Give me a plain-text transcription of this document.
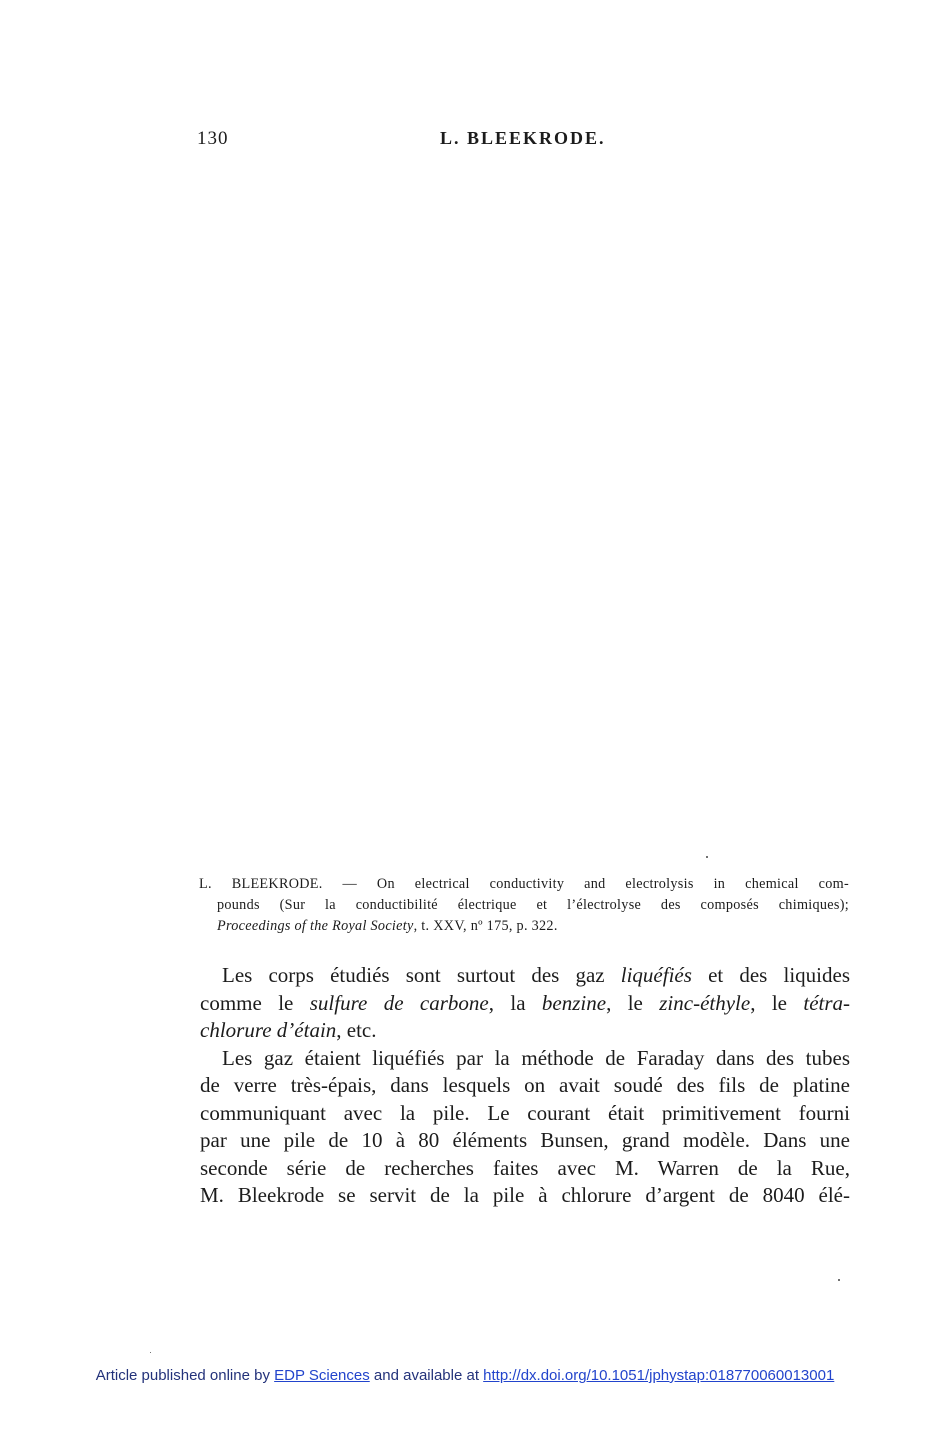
130	L. BLEEKRODE.
L. BLEEKRODE. — On electrical conductivity and electrolysis in chemical com-
pounds (Sur la conductibilité électrique et l’électrolyse des composés chimiques);
Proceedings of the Royal Society, t. XXV, nº 175, p. 322.

Les corps étudiés sont surtout des gaz liquéfiés et des liquides
comme le sulfure de carbone, la benzine, le zinc-éthyle, le tétra-
chlorure d’étain, etc.

Les gaz étaient liquéfiés par la méthode de Faraday dans des tubes
de verre très-épais, dans lesquels on avait soudé des fils de platine
communiquant avec la pile. Le courant était primitivement fourni
par une pile de 10 à 80 éléments Bunsen, grand modèle. Dans une
seconde série de recherches faites avec M. Warren de la Rue,
M. Bleekrode se servit de la pile à chlorure d’argent de 8040 élé-

Article published online by EDP Sciences and available at http://dx.doi.org/10.1051/jphystap:018770060013001
